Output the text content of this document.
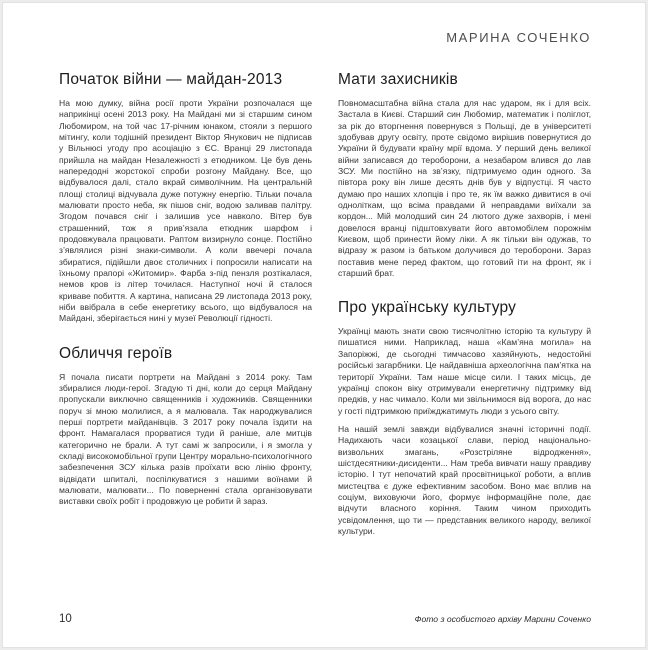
МАРИНА СОЧЕНКО
Початок війни — майдан-2013

На мою думку, війна росії проти України розпочалася ще наприкінці осені 2013 року. На Майдані ми зі старшим сином Любомиром, на той час 17-річним юнаком, стояли з першого мітингу, коли тодішній президент Віктор Янукович не підписав у Вільнюсі угоду про асоціацію з ЄС. Вранці 29 листопада прийшла на майдан Незалежності з етюдником. Це був день напередодні жорстокої спроби розгону Майдану. Все, що відбувалося далі, стало вкрай символічним. На центральній площі столиці відчувала дуже потужну енергію. Тільки почала малювати просто неба, як пішов сніг, водою заливав палітру. Згодом почався сніг і залишив усе навколо. Вітер був страшенний, тож я прив’язала етюдник шарфом і продовжувала працювати. Раптом визирнуло сонце. Постійно з’являлися різні знаки-символи. А коли ввечері почала збиратися, підійшли двоє столичних і попросили написати на їхньому прапорі «Житомир». Фарба з-під пензля розтікалася, немов кров із літер точилася. Наступної ночі й сталося криваве побиття. А картина, написана 29 листопада 2013 року, ніби ввібрала в себе енергетику всього, що відбувалося на Майдані, зберігається нині у музеї Революції гідності.

Обличчя героїв

Я почала писати портрети на Майдані з 2014 року. Там збиралися люди-герої. Згадую ті дні, коли до серця Майдану пропускали виключно священників і художників. Священники поруч зі мною молилися, а я малювала. Так народжувалися перші портрети майданівців. З 2017 року почала їздити на фронт. Намагалася прорватися туди й раніше, але митців категорично не брали. А тут самі ж запросили, і я змогла у складі високомобільної групи Центру морально-психологічного забезпечення ЗСУ кілька разів проїхати всю лінію фронту, відвідати шпиталі, поспілкуватися з нашими воїнами й малювати, малювати... По поверненні стала організовувати виставки своїх робіт і продовжую це робити й зараз.

Мати захисників

Повномасштабна війна стала для нас ударом, як і для всіх. Застала в Києві. Старший син Любомир, математик і поліглот, за рік до вторгнення повернувся з Польщі, де в університеті здобував другу освіту, проте свідомо вирішив повернутися до України й будувати країну мрії вдома. У перший день великої війни записався до тероборони, а незабаром влився до лав ЗСУ. Ми постійно на зв’язку, підтримуємо один одного. За півтора року він лише десять днів був у відпустці. Я часто думаю про наших хлопців і про те, як їм важко дивитися в очі одноліткам, що всіма правдами й неправдами виїхали за кордон... Мій молодший син 24 лютого дуже захворів, і мені довелося вранці підштовхувати його автомобілем порожнім Києвом, щоб принести йому ліки. А як тільки він одужав, то відразу ж разом із батьком долучився до тероборони. Зараз поставив мене перед фактом, що готовий іти на фронт, як і старший брат.

Про українську культуру

Українці мають знати свою тисячолітню історію та культуру й пишатися ними. Наприклад, наша «Кам’яна могила» на Запоріжжі, де сьогодні тимчасово хазяйнують, недостойні російські загарбники. Це найдавніша археологічна пам’ятка на території України. Там наше місце сили. І таких місць, де українці спокон віку отримували енергетичну підтримку від предків, у нас чимало. Коли ми звільнимося від ворога, до нас у гості підтримкою приїжджатимуть люди з усього світу.

На нашій землі завжди відбувалися значні історичні події. Надихають часи козацької слави, період національно-визвольних змагань, «Розстріляне відродження», шістдесятники-дисиденти... Нам треба вивчати нашу правдиву історію. І тут непочатий край просвітницької роботи, а вплив мистецтва є дуже ефективним засобом. Воно має вплив на соціум, виховуючи його, формує інформаційне поле, дає відчути власного коріння. Таким чином приходить усвідомлення, що ти — представник великого народу, великої культури.

10	Фото з особистого архіву Марини Соченко
